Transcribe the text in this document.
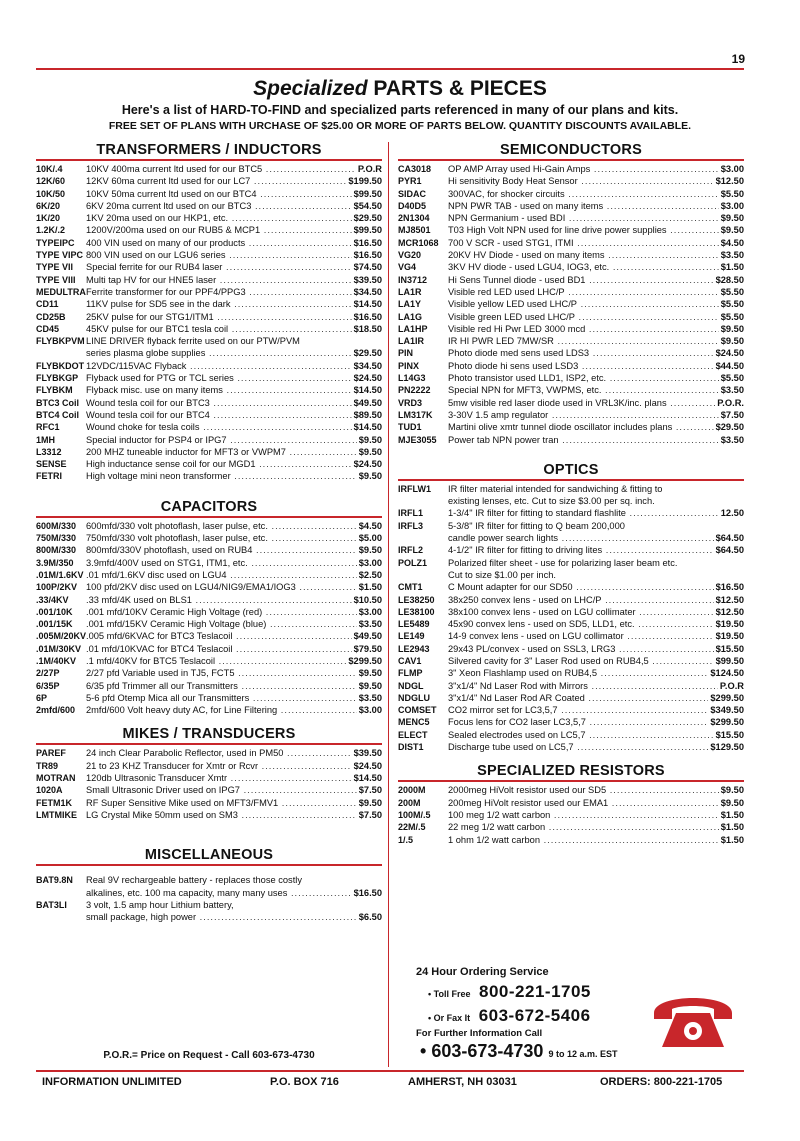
19
Specialized PARTS & PIECES
Here's a list of HARD-TO-FIND and specialized parts referenced in many of our plans and kits.
FREE SET OF PLANS WITH URCHASE OF $25.00 OR MORE OF PARTS BELOW. QUANTITY DISCOUNTS AVAILABLE.
TRANSFORMERS / INDUCTORS
10K/.4	10KV 400ma current ltd used for our BTC5 .....	P.O.R
12K/60	12KV 60ma current ltd used for our LC7 .....	$199.50
10K/50	10KV 50ma current ltd used on our BTC4 .....	$99.50
6K/20	6KV 20ma current ltd used on our BTC3 .....	$54.50
1K/20	1KV 20ma used on our HKP1, etc. .....	$29.50
1.2K/.2	1200V/200ma used on our RUB5 & MCP1 .....	$99.50
TYPEIPC	400 VIN used on many of our products .....	$16.50
TYPE VIPC 800 VIN used on our LGU6 series .....	$16.50
TYPE VII	Special ferrite for our RUB4 laser .....	$74.50
TYPE VIII	Multi tap HV for our HNE5 laser .....	$39.50
MEDULTRA Ferrite transformer for our PPF4/PPG3 .....	$34.50
CD11	11KV pulse for SD5 see in the dark .....	$14.50
CD25B	25KV pulse for our STG1/ITM1 .....	$16.50
CD45	45KV pulse for our BTC1 tesla coil .....	$18.50
FLYBKPVM LINE DRIVER flyback ferrite used on our PTW/PVM
series plasma globe supplies .....	$29.50
FLYBKDOT 12VDC/115VAC Flyback .....	$34.50
FLYBKGP Flyback used for PTG or TCL series .....	$24.50
FLYBKM	Flyback misc. use on many items .....	$14.50
BTC3 Coil Wound tesla coil for our BTC3 .....	$49.50
BTC4 Coil Wound tesla coil for our BTC4 .....	$89.50
RFC1	Wound choke for tesla coils .....	$14.50
1MH	Special inductor for PSP4 or IPG7 .....	$9.50
L3312	200 MHZ tuneable inductor for MFT3 or VWPM7 .....	$9.50
SENSE	High inductance sense coil for our MGD1 .....	$24.50
FETRI	High voltage mini neon transformer .....	$9.50
CAPACITORS
600M/330	600mfd/330 volt photoflash, laser pulse, etc. .....	$4.50
750M/330	750mfd/330 volt photoflash, laser pulse, etc. .....	$5.00
800M/330	800mfd/330V photoflash, used on RUB4 .....	$9.50
3.9M/350	3.9mfd/400V used on STG1, ITM1, etc. .....	$3.00
.01M/1.6KV .01 mfd/1.6KV disc used on LGU4 .....	$2.50
100P/2KV 100 pfd/2KV disc used on LGU4/NIG9/EMA1/IOG3 .....	$1.50
.33/4KV	.33 mfd/4K used on BLS1 .....	$10.50
.001/10K	.001 mfd/10KV Ceramic High Voltage (red) .....	$3.00
.001/15K	.001 mfd/15KV Ceramic High Voltage (blue) .....	$3.50
.005M/20KV .005 mfd/6KVAC for BTC3 Teslacoil .....	$49.50
.01M/30KV .01 mfd/10KVAC for BTC4 Teslacoil .....	$79.50
.1M/40KV	.1 mfd/40KV for BTC5 Teslacoil .....	$299.50
2/27P	2/27 pfd Variable used in TJ5, FCT5 .....	$9.50
6/35P	6/35 pfd Trimmer all our Transmitters .....	$9.50
6P	5-6 pfd Otemp Mica all our Transmitters .....	$3.50
2mfd/600	2mfd/600 Volt heavy duty AC, for Line Filtering .....	$3.00
MIKES / TRANSDUCERS
PAREF	24 inch Clear Parabolic Reflector, used in PM50 .....	$39.50
TR89	21 to 23 KHZ Transducer for Xmtr or Rcvr .....	$24.50
MOTRAN	120db Ultrasonic Transducer Xmtr .....	$14.50
1020A	Small Ultrasonic Driver used on IPG7 .....	$7.50
FETM1K	RF Super Sensitive Mike used on MFT3/FMV1 .....	$9.50
LMTMIKE LG Crystal Mike 50mm used on SM3 .....	$7.50
MISCELLANEOUS
BAT9.8N	Real 9V rechargeable battery - replaces those costly
alkalines, etc. 100 ma capacity, many many uses .....	$16.50
BAT3LI	3 volt, 1.5 amp hour Lithium battery,
small package, high power .....	$6.50
SEMICONDUCTORS
CA3018	OP AMP Array used Hi-Gain Amps .....	$3.00
PYR1	Hi sensitivity Body Heat Sensor .....	$12.50
SIDAC	300VAC, for shocker circuits .....	$5.50
D40D5	NPN PWR TAB - used on many items .....	$3.00
2N1304	NPN Germanium - used BDI .....	$9.50
MJ8501	T03 High Volt NPN used for line drive power supplies .....	$9.50
MCR1068	700 V SCR - used STG1, ITMI .....	$4.50
VG20	20KV HV Diode - used on many items .....	$3.50
VG4	3KV HV diode - used LGU4, IOG3, etc. .....	$1.50
IN3712	Hi Sens Tunnel diode - used BD1 .....	$28.50
LA1R	Visible red LED used LHC/P .....	$5.50
LA1Y	Visible yellow LED used LHC/P .....	$5.50
LA1G	Visible green LED used LHC/P .....	$5.50
LA1HP	Visible red Hi Pwr LED 3000 mcd .....	$9.50
LA1IR	IR HI PWR LED 7MW/SR .....	$9.50
PIN	Photo diode med sens used LDS3 .....	$24.50
PINX	Photo diode hi sens used LSD3 .....	$44.50
L14G3	Photo transistor used LLD1, ISP2, etc. .....	$5.50
PN2222	Special NPN for MFT3, VWPMS, etc. .....	$3.50
VRD3	5mw visible red laser diode used in VRL3K/inc. plans .....	P.O.R.
LM317K	3-30V 1.5 amp regulator .....	$7.50
TUD1	Martini olive xmtr tunnel diode oscillator includes plans .....	$29.50
MJE3055	Power tab NPN power tran .....	$3.50
OPTICS
IRFLW1	IR filter material intended for sandwiching & fitting to
existing lenses, etc. Cut to size $3.00 per sq. inch.
IRFL1	1-3/4" IR filter for fitting to standard flashlite .....	12.50
IRFL3	5-3/8" IR filter for fitting to Q beam 200,000
candle power search lights .....	$64.50
IRFL2	4-1/2" IR filter for fitting to driving lites .....	$64.50
POLZ1	Polarized filter sheet - use for polarizing laser beam etc.
Cut to size $1.00 per inch.
CMT1	C Mount adapter for our SD50 .....	$16.50
LE38250	38x250 convex lens - used on LHC/P .....	$12.50
LE38100	38x100 convex lens - used on LGU collimater .....	$12.50
LE5489	45x90 convex lens - used on SD5, LLD1, etc. .....	$19.50
LE149	14-9 convex lens - used on LGU collimator .....	$19.50
LE2943	29x43 PL/convex - used on SSL3, LRG3 .....	$15.50
CAV1	Silvered cavity for 3" Laser Rod used on RUB4,5 .....	$99.50
FLMP	3" Xeon Flashlamp used on RUB4,5 .....	$124.50
NDGL	3"x1/4" Nd Laser Rod with Mirrors .....	P.O.R
NDGLU	3"x1/4" Nd Laser Rod AR Coated .....	$299.50
COMSET	CO2 mirror set for LC3,5,7 .....	$349.50
MENC5	Focus lens for CO2 laser LC3,5,7 .....	$299.50
ELECT	Sealed electrodes used on LC5,7 .....	$15.50
DIST1	Discharge tube used on LC5,7 .....	$129.50
SPECIALIZED RESISTORS
2000M	2000meg HiVolt resistor used our SD5 .....	$9.50
200M	200meg HiVolt resistor used our EMA1 .....	$9.50
100M/.5	100 meg 1/2 watt carbon .....	$1.50
22M/.5	22 meg 1/2 watt carbon .....	$1.50
1/.5	1 ohm 1/2 watt carbon .....	$1.50
P.O.R.= Price on Request - Call 603-673-4730
24 Hour Ordering Service
• Toll Free 800-221-1705
• Or Fax It 603-672-5406
For Further Information Call
• 603-673-4730 9 to 12 a.m. EST
INFORMATION UNLIMITED	P.O. BOX 716	AMHERST, NH 03031	ORDERS: 800-221-1705
